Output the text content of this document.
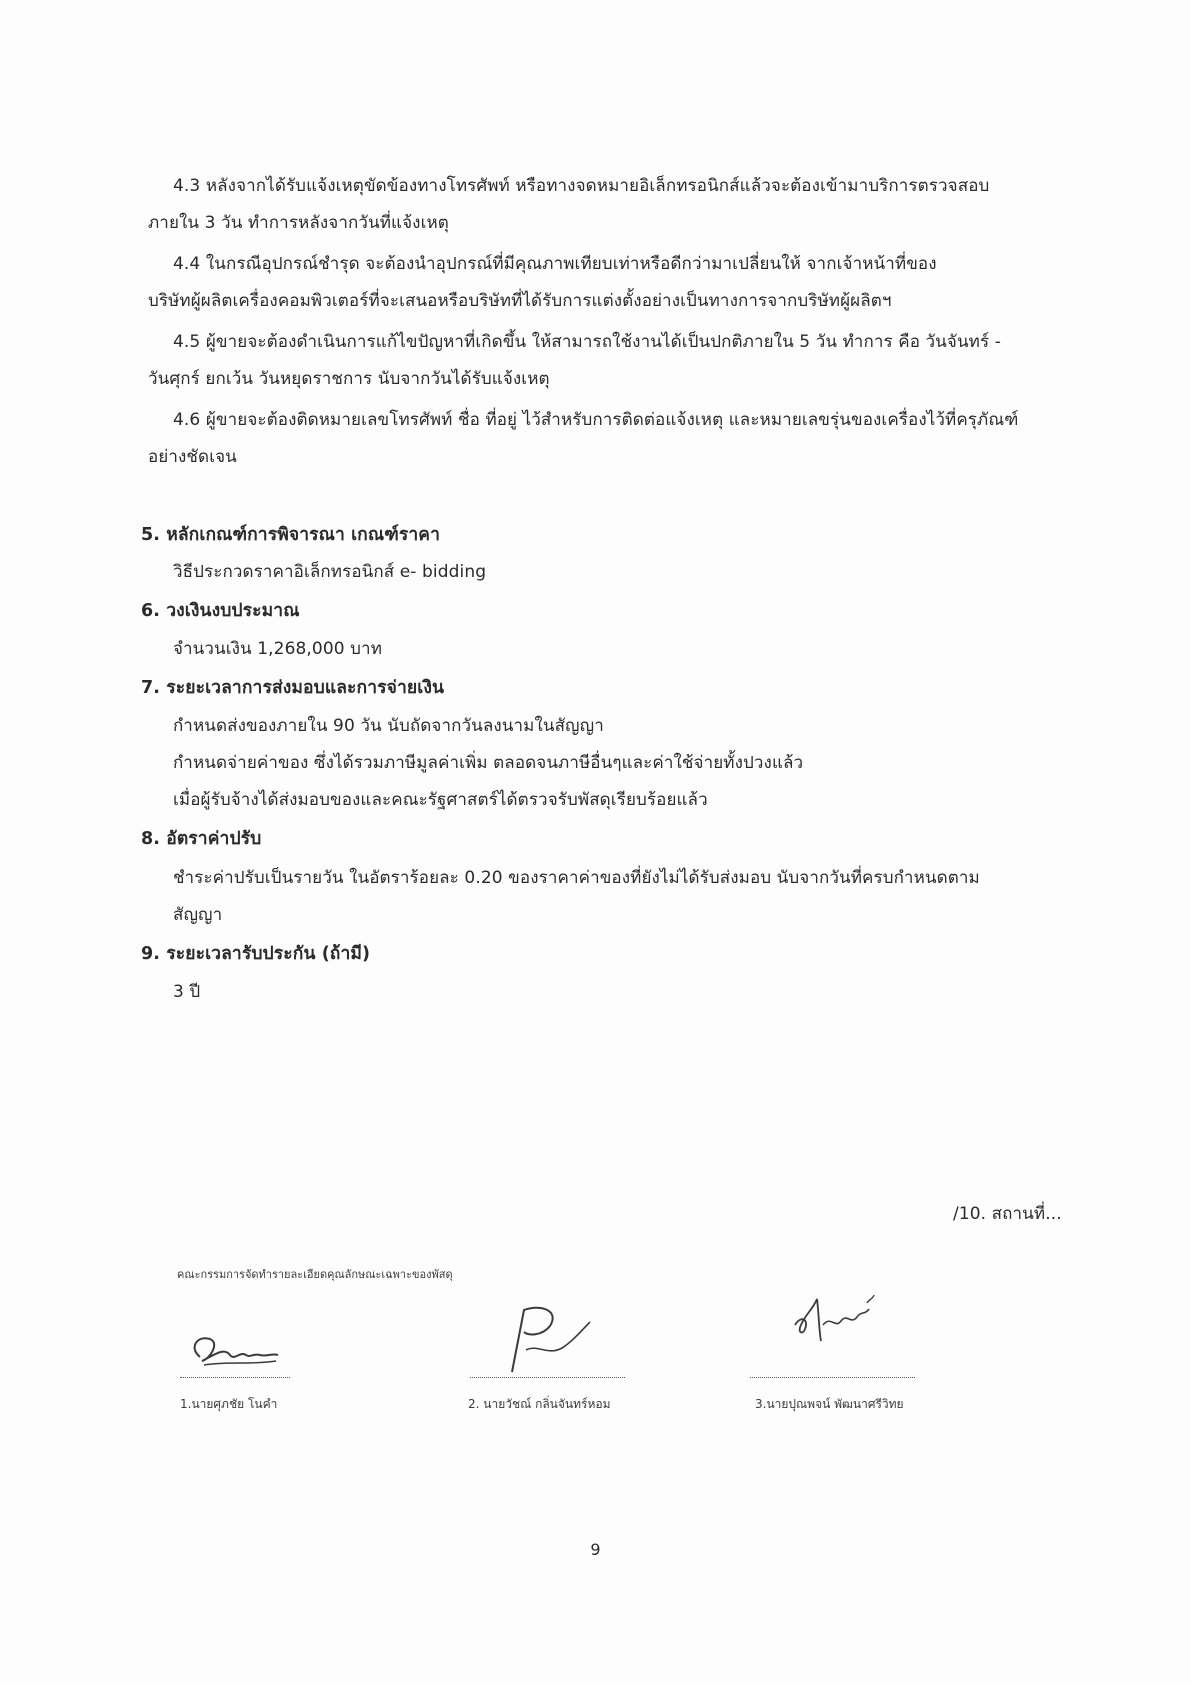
4.3 หลังจากได้รับแจ้งเหตุขัดข้องทางโทรศัพท์ หรือทางจดหมายอิเล็กทรอนิกส์แล้วจะต้องเข้ามาบริการตรวจสอบ
ภายใน 3 วัน ทำการหลังจากวันที่แจ้งเหตุ
4.4 ในกรณีอุปกรณ์ชำรุด จะต้องนำอุปกรณ์ที่มีคุณภาพเทียบเท่าหรือดีกว่ามาเปลี่ยนให้ จากเจ้าหน้าที่ของ
บริษัทผู้ผลิตเครื่องคอมพิวเตอร์ที่จะเสนอหรือบริษัทที่ได้รับการแต่งตั้งอย่างเป็นทางการจากบริษัทผู้ผลิตฯ
4.5 ผู้ขายจะต้องดำเนินการแก้ไขปัญหาที่เกิดขึ้น ให้สามารถใช้งานได้เป็นปกติภายใน 5 วัน ทำการ คือ วันจันทร์ -
วันศุกร์ ยกเว้น วันหยุดราชการ นับจากวันได้รับแจ้งเหตุ
4.6 ผู้ขายจะต้องติดหมายเลขโทรศัพท์ ชื่อ ที่อยู่ ไว้สำหรับการติดต่อแจ้งเหตุ และหมายเลขรุ่นของเครื่องไว้ที่ครุภัณฑ์
อย่างชัดเจน
5. หลักเกณฑ์การพิจารณา เกณฑ์ราคา
วิธีประกวดราคาอิเล็กทรอนิกส์ e- bidding
6. วงเงินงบประมาณ
จำนวนเงิน 1,268,000 บาท
7. ระยะเวลาการส่งมอบและการจ่ายเงิน
กำหนดส่งของภายใน 90 วัน นับถัดจากวันลงนามในสัญญา
กำหนดจ่ายค่าของ ซึ่งได้รวมภาษีมูลค่าเพิ่ม ตลอดจนภาษีอื่นๆและค่าใช้จ่ายทั้งปวงแล้ว
เมื่อผู้รับจ้างได้ส่งมอบของและคณะรัฐศาสตร์ได้ตรวจรับพัสดุเรียบร้อยแล้ว
8. อัตราค่าปรับ
ชำระค่าปรับเป็นรายวัน ในอัตราร้อยละ 0.20 ของราคาค่าของที่ยังไม่ได้รับส่งมอบ นับจากวันที่ครบกำหนดตาม
สัญญา
9. ระยะเวลารับประกัน (ถ้ามี)
3 ปี
/10. สถานที่...
คณะกรรมการจัดทำรายละเอียดคุณลักษณะเฉพาะของพัสดุ
1.นายศุภชัย โนคำ	2. นายวัชณ์ กลิ่นจันทร์หอม	3.นายปุณพจน์ พัฒนาศรีวิทย
9
